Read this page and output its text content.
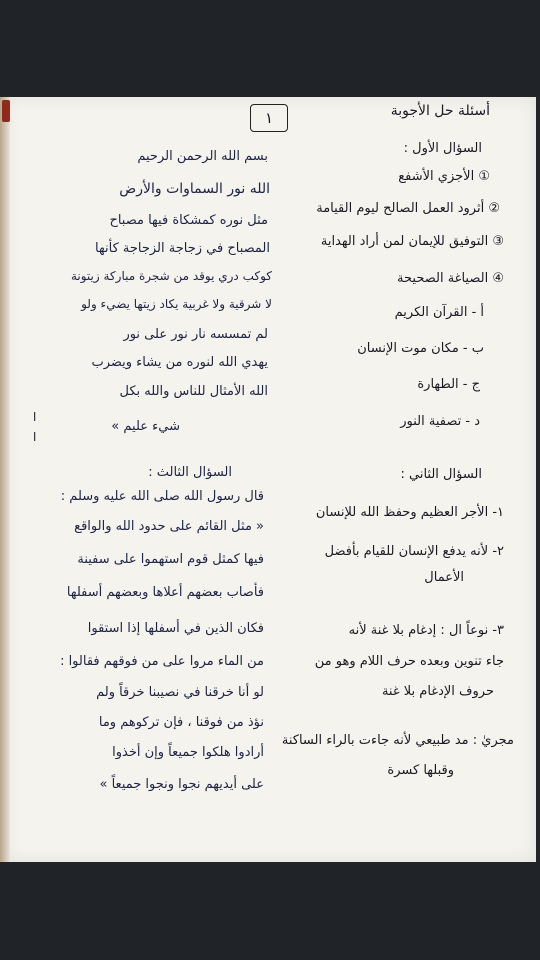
١	أسئلة حل الأجوبة
السؤال الأول :
① الأجزي الأشفع
② أثرود العمل الصالح ليوم القيامة
③ التوفيق للإيمان لمن أراد الهداية
④ الصياغة الصحيحة
أ - القرآن الكريم
ب - مكان موت الإنسان
ج - الطهارة
د - تصفية النور
السؤال الثاني :
١- الأجر العظيم وحفظ الله للإنسان
٢- لأنه يدفع الإنسان للقيام بأفضل
الأعمال
٣- نوعاً ال : إدغام بلا غنة لأنه
جاء تنوين وبعده حرف اللام وهو من
حروف الإدغام بلا غنة
مجريٰ : مد طبيعي لأنه جاءت بالراء الساكنة
وقبلها كسرة
بسم الله الرحمن الرحيم
الله نور السماوات والأرض
مثل نوره كمشكاة فيها مصباح
المصباح في زجاجة الزجاجة كأنها
كوكب دري يوقد من شجرة مباركة زيتونة
لا شرقية ولا غربية يكاد زيتها يضيء ولو
لم تمسسه نار نور على نور
يهدي الله لنوره من يشاء ويضرب
الله الأمثال للناس والله بكل
شيء عليم »
ا
ا
السؤال الثالث :
قال رسول الله صلى الله عليه وسلم :
« مثل القائم على حدود الله والواقع
فيها كمثل قوم استهموا على سفينة
فأصاب بعضهم أعلاها وبعضهم أسفلها
فكان الذين في أسفلها إذا استقوا
من الماء مروا على من فوقهم فقالوا :
لو أنا خرقنا في نصيبنا خرقاً ولم
نؤذ من فوقنا ، فإن تركوهم وما
أرادوا هلكوا جميعاً وإن أخذوا
على أيديهم نجوا ونجوا جميعاً »
